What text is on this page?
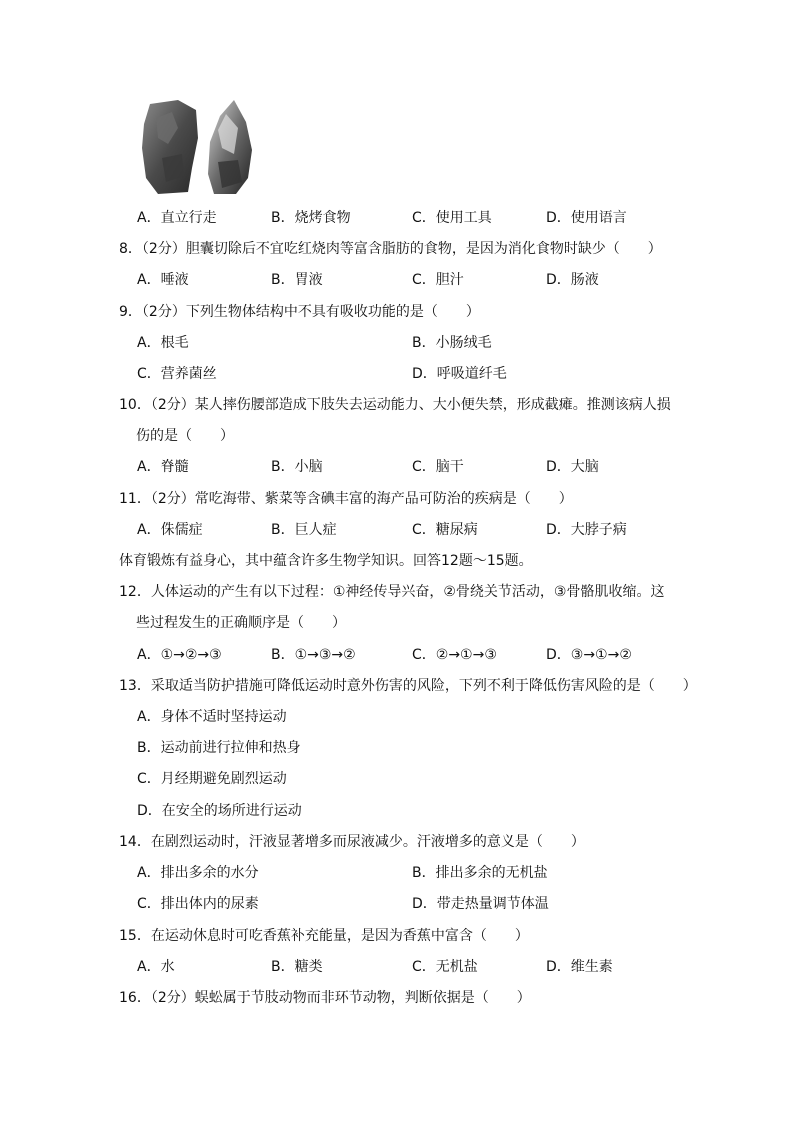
A．直立行走	B．烧烤食物	C．使用工具	D．使用语言
8．（2分）胆囊切除后不宜吃红烧肉等富含脂肪的食物，是因为消化食物时缺少（　　）
A．唾液	B．胃液	C．胆汁	D．肠液
9．（2分）下列生物体结构中不具有吸收功能的是（　　）
A．根毛	B．小肠绒毛
C．营养菌丝	D．呼吸道纤毛
10．（2分）某人摔伤腰部造成下肢失去运动能力、大小便失禁，形成截瘫。推测该病人损
伤的是（　　）
A．脊髓	B．小脑	C．脑干	D．大脑
11．（2分）常吃海带、紫菜等含碘丰富的海产品可防治的疾病是（　　）
A．侏儒症	B．巨人症	C．糖尿病	D．大脖子病
体育锻炼有益身心，其中蕴含许多生物学知识。回答12题～15题。
12．人体运动的产生有以下过程：①神经传导兴奋，②骨绕关节活动，③骨骼肌收缩。这
些过程发生的正确顺序是（　　）
A．①→②→③	B．①→③→②	C．②→①→③	D．③→①→②
13．采取适当防护措施可降低运动时意外伤害的风险，下列不利于降低伤害风险的是（　　）
A．身体不适时坚持运动
B．运动前进行拉伸和热身
C．月经期避免剧烈运动
D．在安全的场所进行运动
14．在剧烈运动时，汗液显著增多而尿液减少。汗液增多的意义是（　　）
A．排出多余的水分	B．排出多余的无机盐
C．排出体内的尿素	D．带走热量调节体温
15．在运动休息时可吃香蕉补充能量，是因为香蕉中富含（　　）
A．水	B．糖类	C．无机盐	D．维生素
16．（2分）蜈蚣属于节肢动物而非环节动物，判断依据是（　　）
